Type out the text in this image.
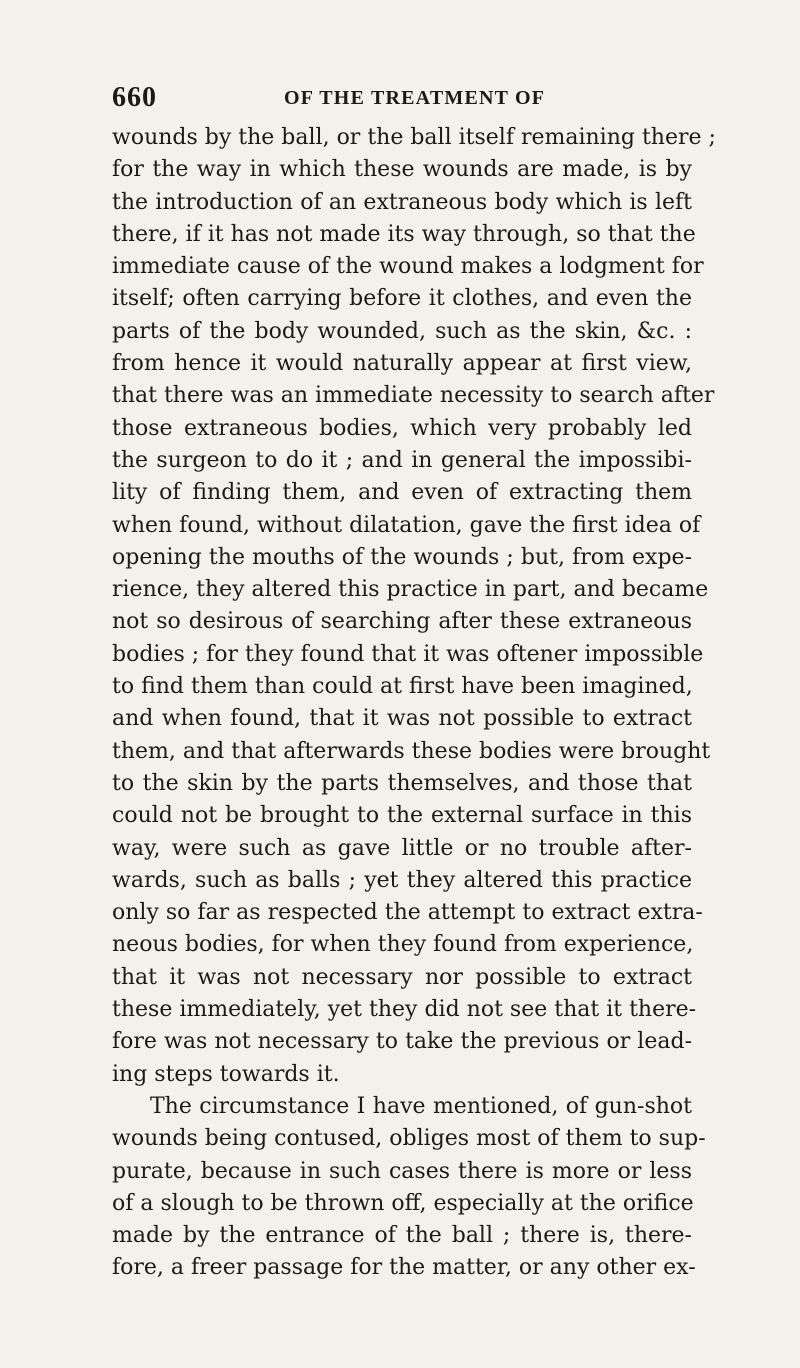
660	OF THE TREATMENT OF
wounds by the ball, or the ball itself remaining there ;
for the way in which these wounds are made, is by
the introduction of an extraneous body which is left
there, if it has not made its way through, so that the
immediate cause of the wound makes a lodgment for
itself; often carrying before it clothes, and even the
parts of the body wounded, such as the skin, &c. :
from hence it would naturally appear at first view,
that there was an immediate necessity to search after
those extraneous bodies, which very probably led
the surgeon to do it ; and in general the impossibi-
lity of finding them, and even of extracting them
when found, without dilatation, gave the first idea of
opening the mouths of the wounds ; but, from expe-
rience, they altered this practice in part, and became
not so desirous of searching after these extraneous
bodies ; for they found that it was oftener impossible
to find them than could at first have been imagined,
and when found, that it was not possible to extract
them, and that afterwards these bodies were brought
to the skin by the parts themselves, and those that
could not be brought to the external surface in this
way, were such as gave little or no trouble after-
wards, such as balls ; yet they altered this practice
only so far as respected the attempt to extract extra-
neous bodies, for when they found from experience,
that it was not necessary nor possible to extract
these immediately, yet they did not see that it there-
fore was not necessary to take the previous or lead-
ing steps towards it.
The circumstance I have mentioned, of gun-shot
wounds being contused, obliges most of them to sup-
purate, because in such cases there is more or less
of a slough to be thrown off, especially at the orifice
made by the entrance of the ball ; there is, there-
fore, a freer passage for the matter, or any other ex-
